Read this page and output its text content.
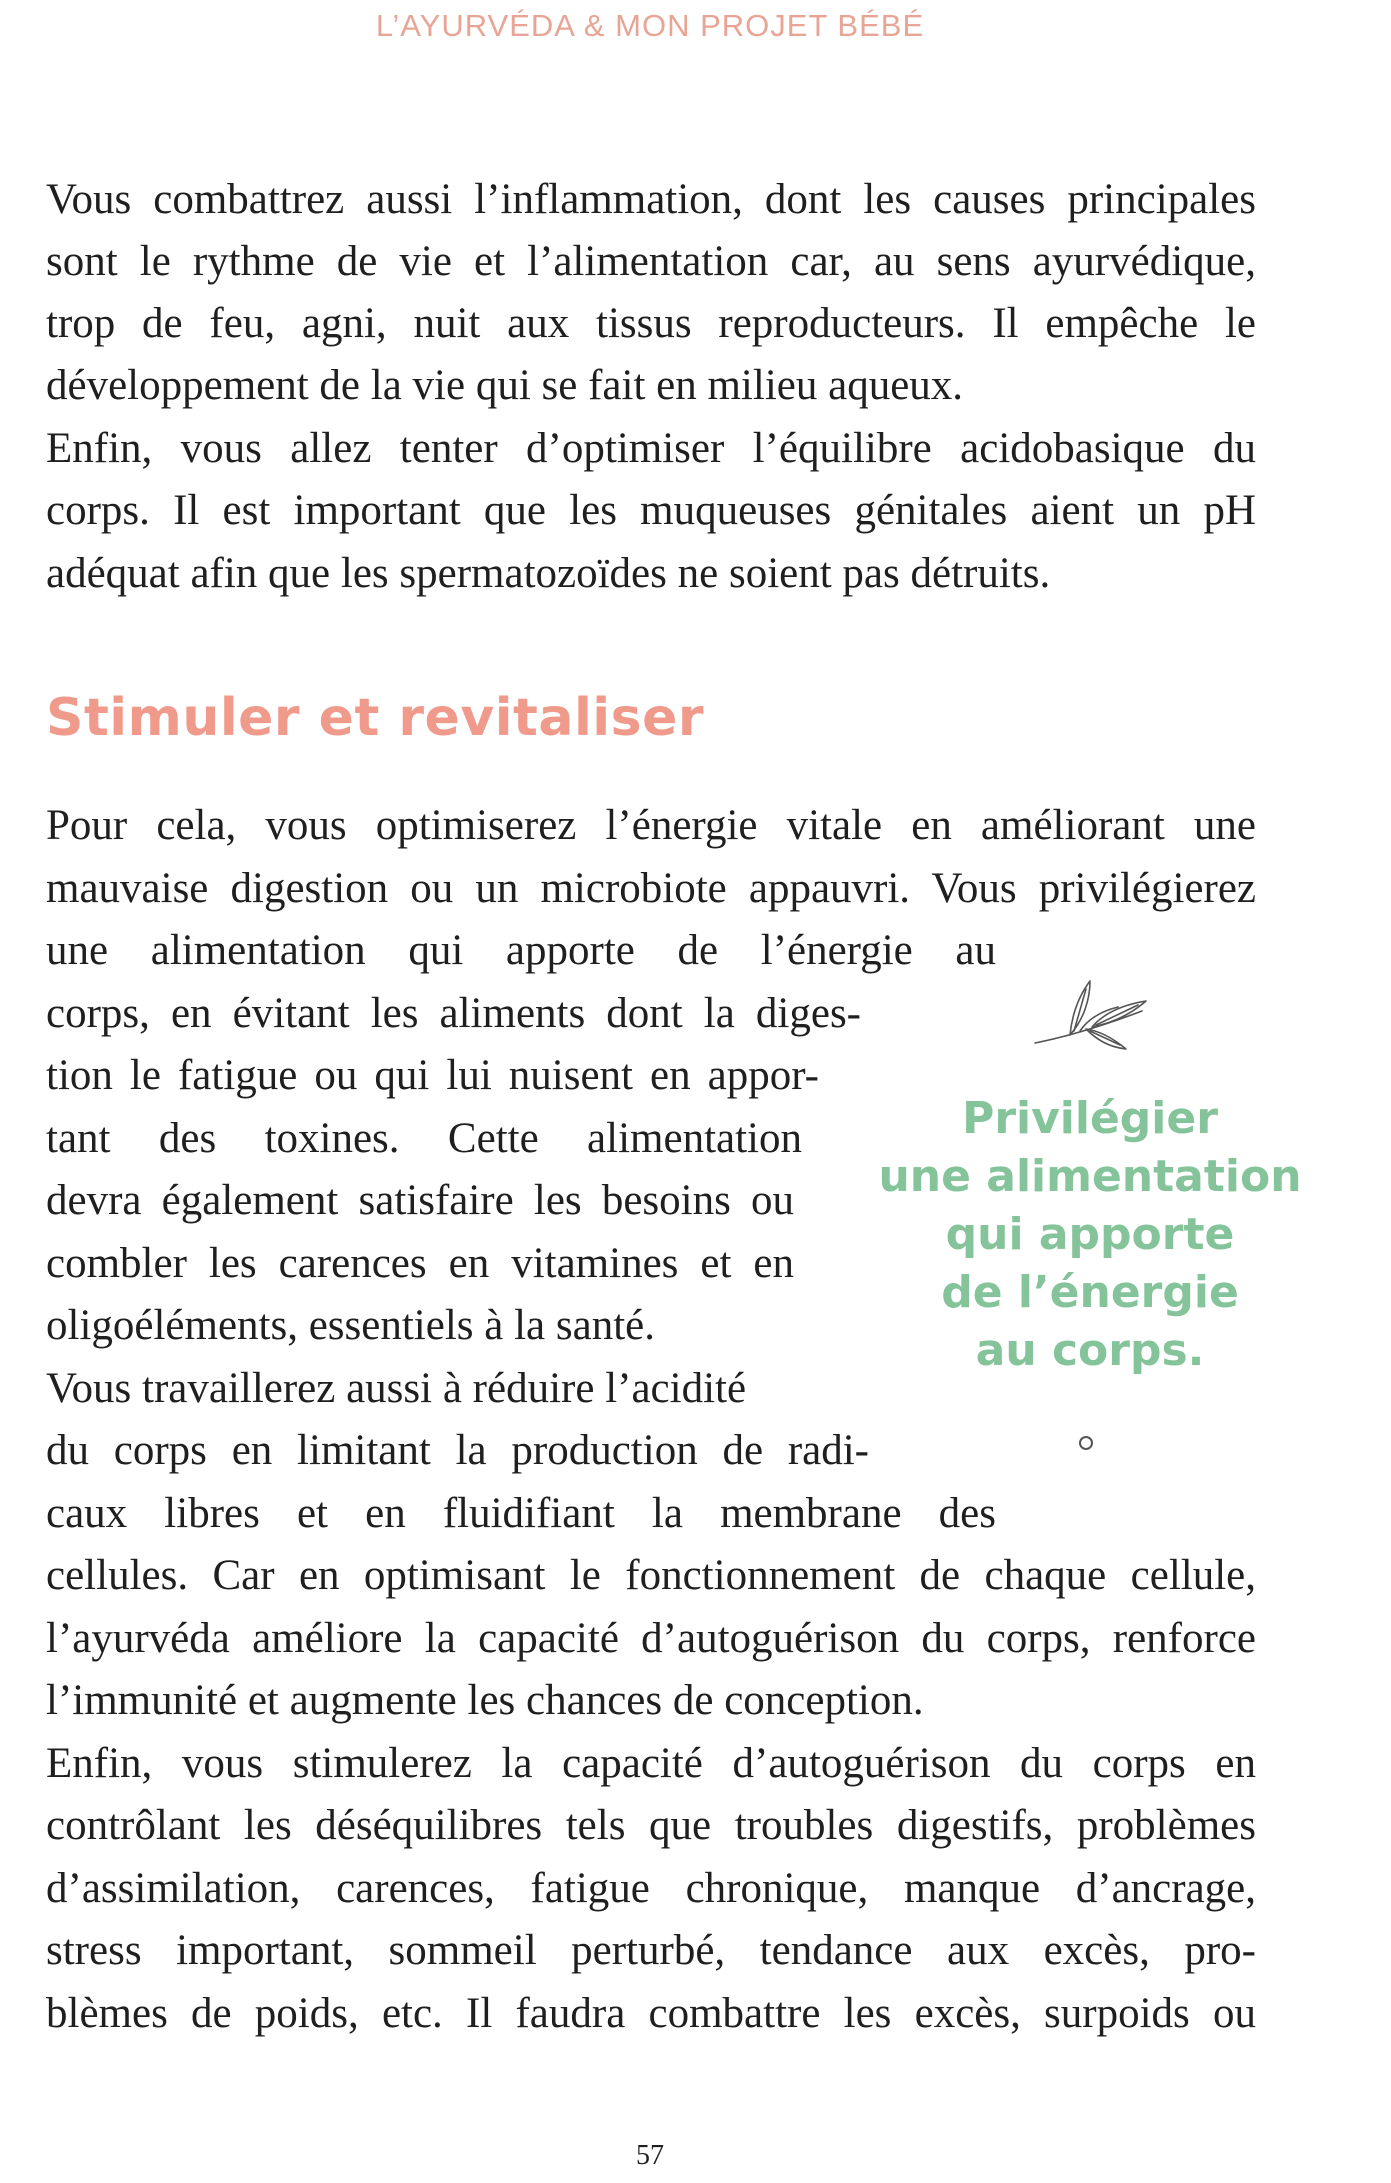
L’AYURVÉDA & MON PROJET BÉBÉ
Vous combattrez aussi l’inflammation, dont les causes principales
sont le rythme de vie et l’alimentation car, au sens ayurvédique,
trop de feu, agni, nuit aux tissus reproducteurs. Il empêche le
développement de la vie qui se fait en milieu aqueux.
Enfin, vous allez tenter d’optimiser l’équilibre acidobasique du
corps. Il est important que les muqueuses génitales aient un pH
adéquat afin que les spermatozoïdes ne soient pas détruits.
Stimuler et revitaliser
Pour cela, vous optimiserez l’énergie vitale en améliorant une
mauvaise digestion ou un microbiote appauvri. Vous privilégierez
une alimentation qui apporte de l’énergie au
corps, en évitant les aliments dont la diges-
tion le fatigue ou qui lui nuisent en appor-
tant des toxines. Cette alimentation
devra également satisfaire les besoins ou
combler les carences en vitamines et en
oligoéléments, essentiels à la santé.
Vous travaillerez aussi à réduire l’acidité
du corps en limitant la production de radi-
caux libres et en fluidifiant la membrane des
cellules. Car en optimisant le fonctionnement de chaque cellule,
l’ayurvéda améliore la capacité d’autoguérison du corps, renforce
l’immunité et augmente les chances de conception.
Enfin, vous stimulerez la capacité d’autoguérison du corps en
contrôlant les déséquilibres tels que troubles digestifs, problèmes
d’assimilation, carences, fatigue chronique, manque d’ancrage,
stress important, sommeil perturbé, tendance aux excès, pro-
blèmes de poids, etc. Il faudra combattre les excès, surpoids ou
Privilégier
une alimentation
qui apporte
de l’énergie
au corps.
57
